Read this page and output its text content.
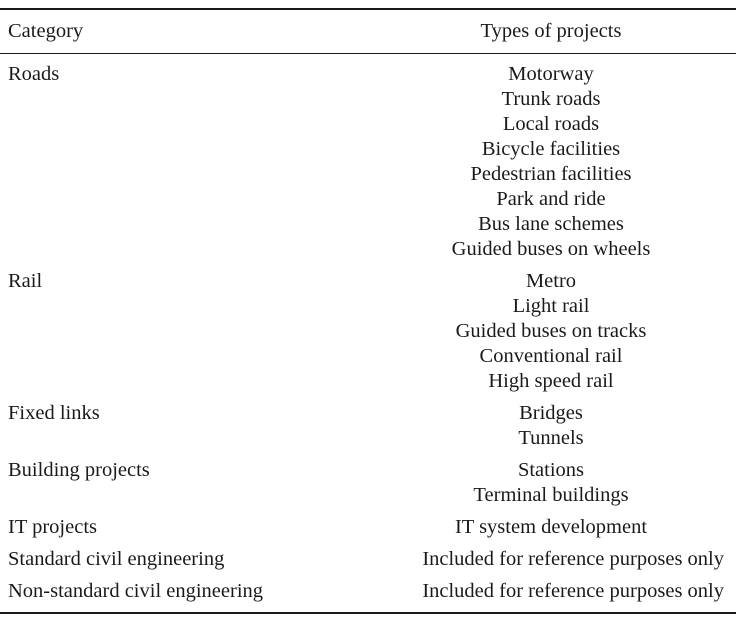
Category	Types of projects
Roads	Motorway
Trunk roads
Local roads
Bicycle facilities
Pedestrian facilities
Park and ride
Bus lane schemes
Guided buses on wheels
Rail	Metro
Light rail
Guided buses on tracks
Conventional rail
High speed rail
Fixed links	Bridges
Tunnels
Building projects	Stations
Terminal buildings
IT projects	IT system development
Standard civil engineering	Included for reference purposes only
Non-standard civil engineering	Included for reference purposes only
